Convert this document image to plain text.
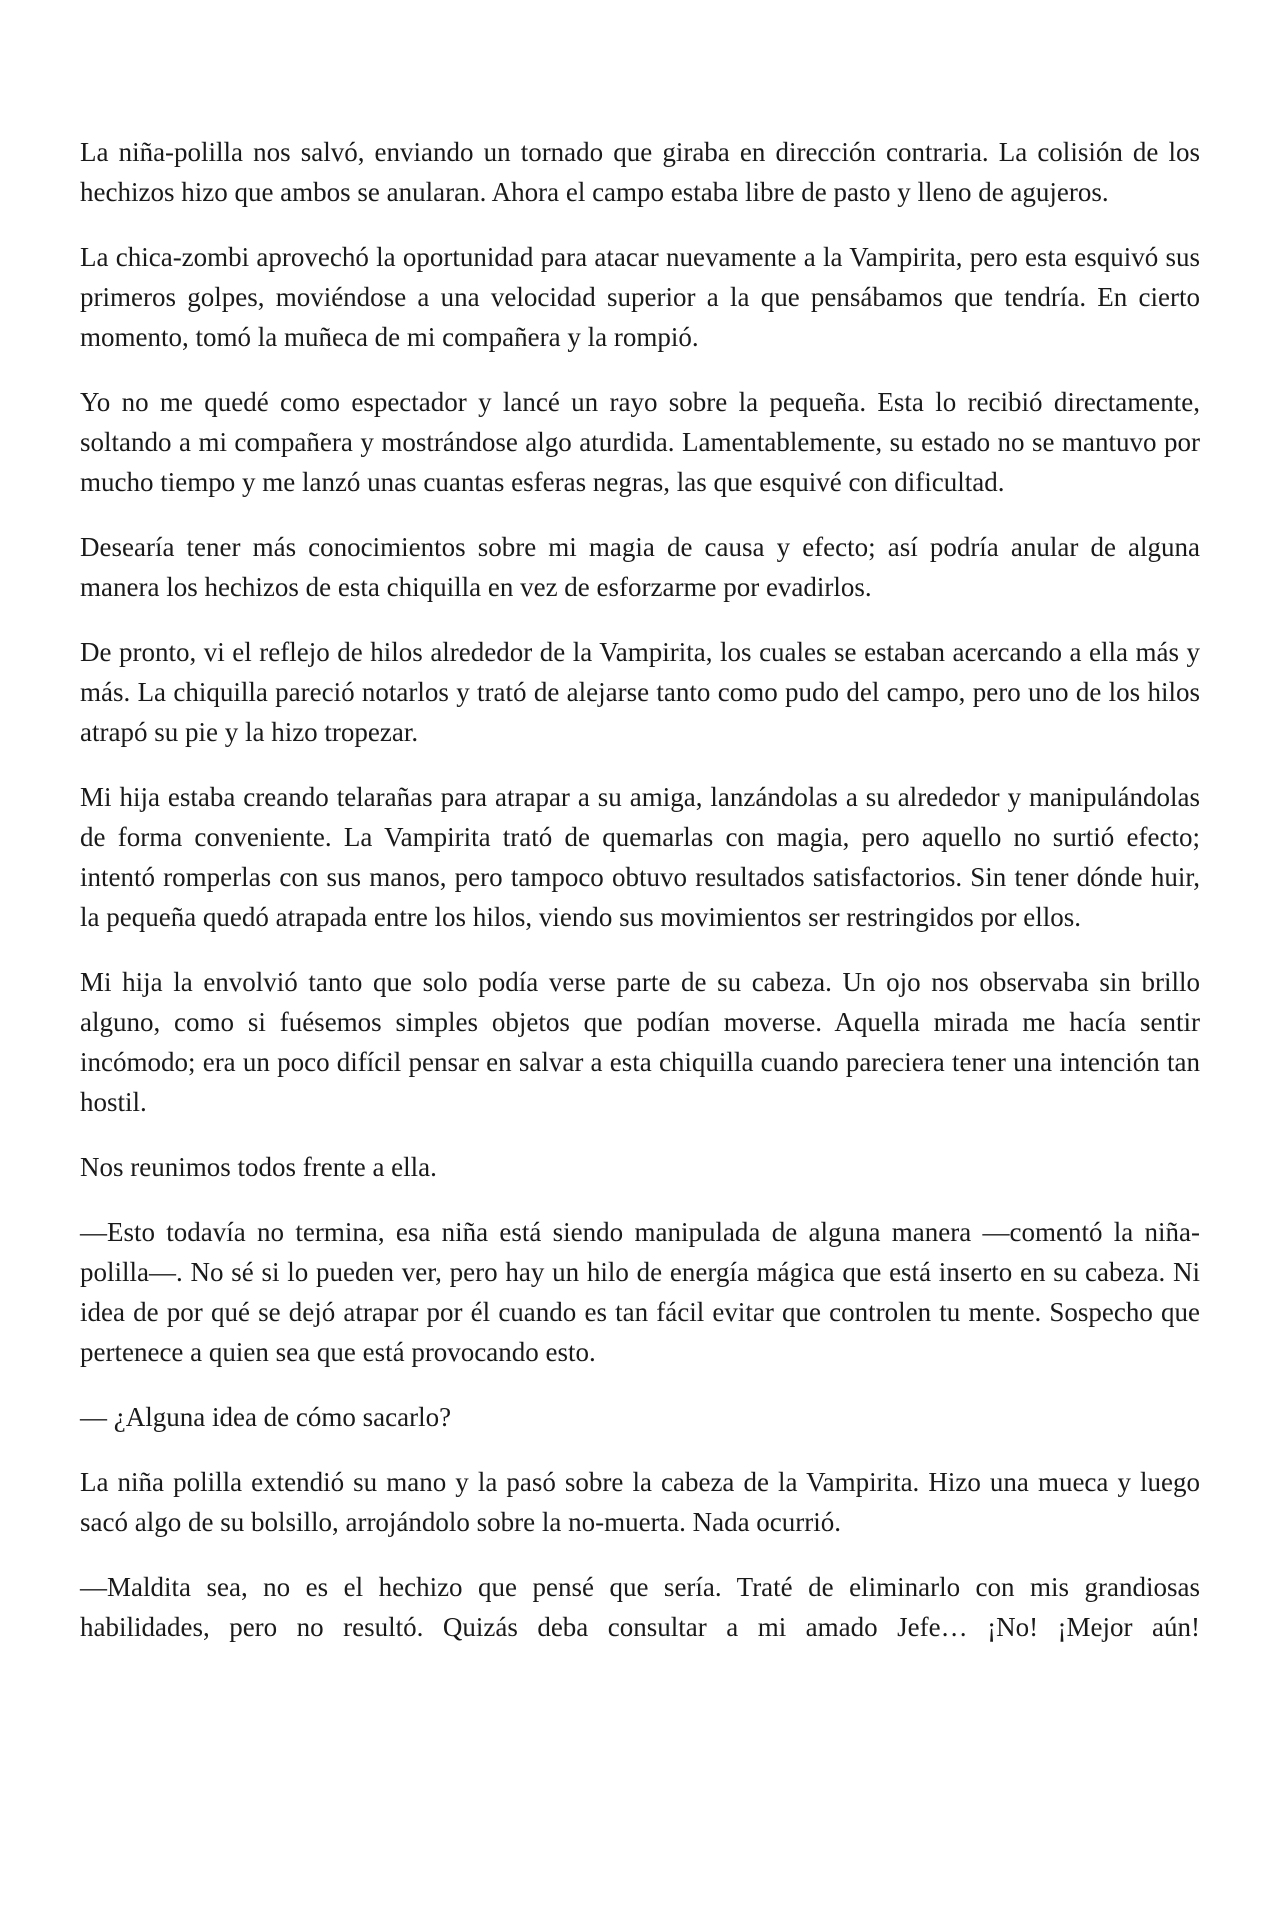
La niña-polilla nos salvó, enviando un tornado que giraba en dirección contraria. La colisión de los hechizos hizo que ambos se anularan. Ahora el campo estaba libre de pasto y lleno de agujeros.

La chica-zombi aprovechó la oportunidad para atacar nuevamente a la Vampirita, pero esta esquivó sus primeros golpes, moviéndose a una velocidad superior a la que pensábamos que tendría. En cierto momento, tomó la muñeca de mi compañera y la rompió.

Yo no me quedé como espectador y lancé un rayo sobre la pequeña. Esta lo recibió directamente, soltando a mi compañera y mostrándose algo aturdida. Lamentablemente, su estado no se mantuvo por mucho tiempo y me lanzó unas cuantas esferas negras, las que esquivé con dificultad.

Desearía tener más conocimientos sobre mi magia de causa y efecto; así podría anular de alguna manera los hechizos de esta chiquilla en vez de esforzarme por evadirlos.

De pronto, vi el reflejo de hilos alrededor de la Vampirita, los cuales se estaban acercando a ella más y más. La chiquilla pareció notarlos y trató de alejarse tanto como pudo del campo, pero uno de los hilos atrapó su pie y la hizo tropezar.

Mi hija estaba creando telarañas para atrapar a su amiga, lanzándolas a su alrededor y manipulándolas de forma conveniente. La Vampirita trató de quemarlas con magia, pero aquello no surtió efecto; intentó romperlas con sus manos, pero tampoco obtuvo resultados satisfactorios. Sin tener dónde huir, la pequeña quedó atrapada entre los hilos, viendo sus movimientos ser restringidos por ellos.

Mi hija la envolvió tanto que solo podía verse parte de su cabeza. Un ojo nos observaba sin brillo alguno, como si fuésemos simples objetos que podían moverse. Aquella mirada me hacía sentir incómodo; era un poco difícil pensar en salvar a esta chiquilla cuando pareciera tener una intención tan hostil.

Nos reunimos todos frente a ella.

—Esto todavía no termina, esa niña está siendo manipulada de alguna manera —comentó la niña-polilla—. No sé si lo pueden ver, pero hay un hilo de energía mágica que está inserto en su cabeza. Ni idea de por qué se dejó atrapar por él cuando es tan fácil evitar que controlen tu mente. Sospecho que pertenece a quien sea que está provocando esto.

— ¿Alguna idea de cómo sacarlo?

La niña polilla extendió su mano y la pasó sobre la cabeza de la Vampirita. Hizo una mueca y luego sacó algo de su bolsillo, arrojándolo sobre la no-muerta. Nada ocurrió.

—Maldita sea, no es el hechizo que pensé que sería. Traté de eliminarlo con mis grandiosas habilidades, pero no resultó. Quizás deba consultar a mi amado Jefe… ¡No! ¡Mejor aún!
